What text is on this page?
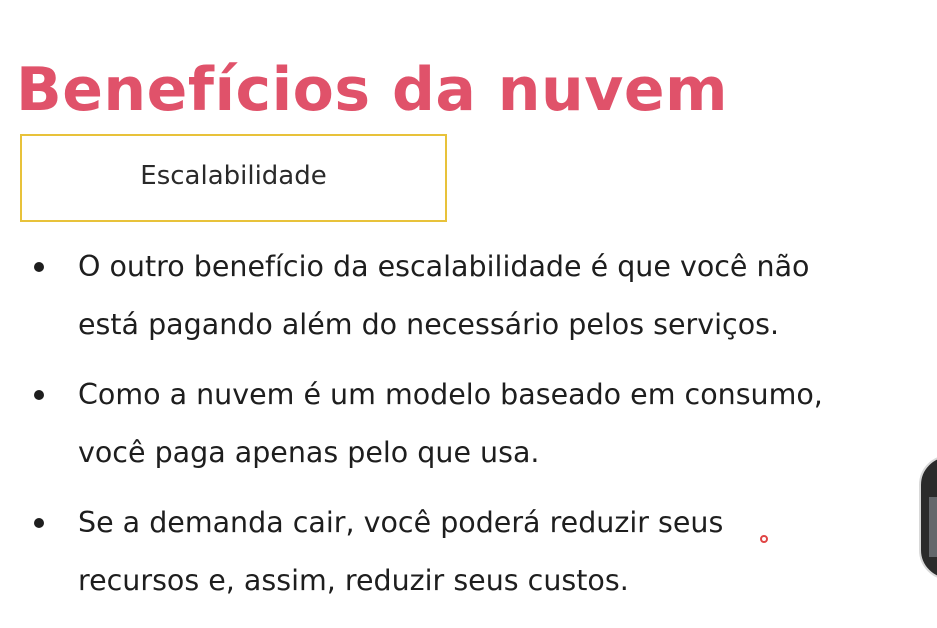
Benefícios da nuvem
Escalabilidade
O outro benefício da escalabilidade é que você não
está pagando além do necessário pelos serviços.
Como a nuvem é um modelo baseado em consumo,
você paga apenas pelo que usa.
Se a demanda cair, você poderá reduzir seus
recursos e, assim, reduzir seus custos.
